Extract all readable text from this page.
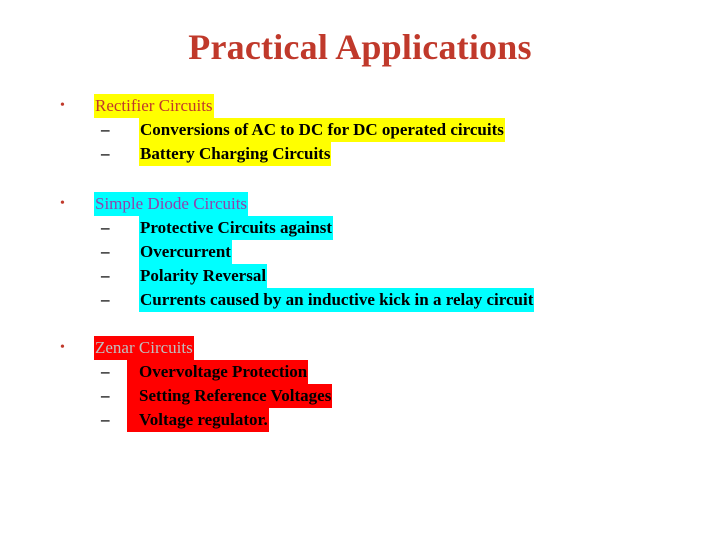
Practical Applications
• Rectifier Circuits
– Conversions of AC to DC for DC operated circuits
– Battery Charging Circuits
• Simple Diode Circuits
– Protective Circuits against
– Overcurrent
– Polarity Reversal
– Currents caused by an inductive kick in a relay circuit
• Zenar Circuits
–	Overvoltage Protection
–	Setting Reference Voltages
–	Voltage regulator.
